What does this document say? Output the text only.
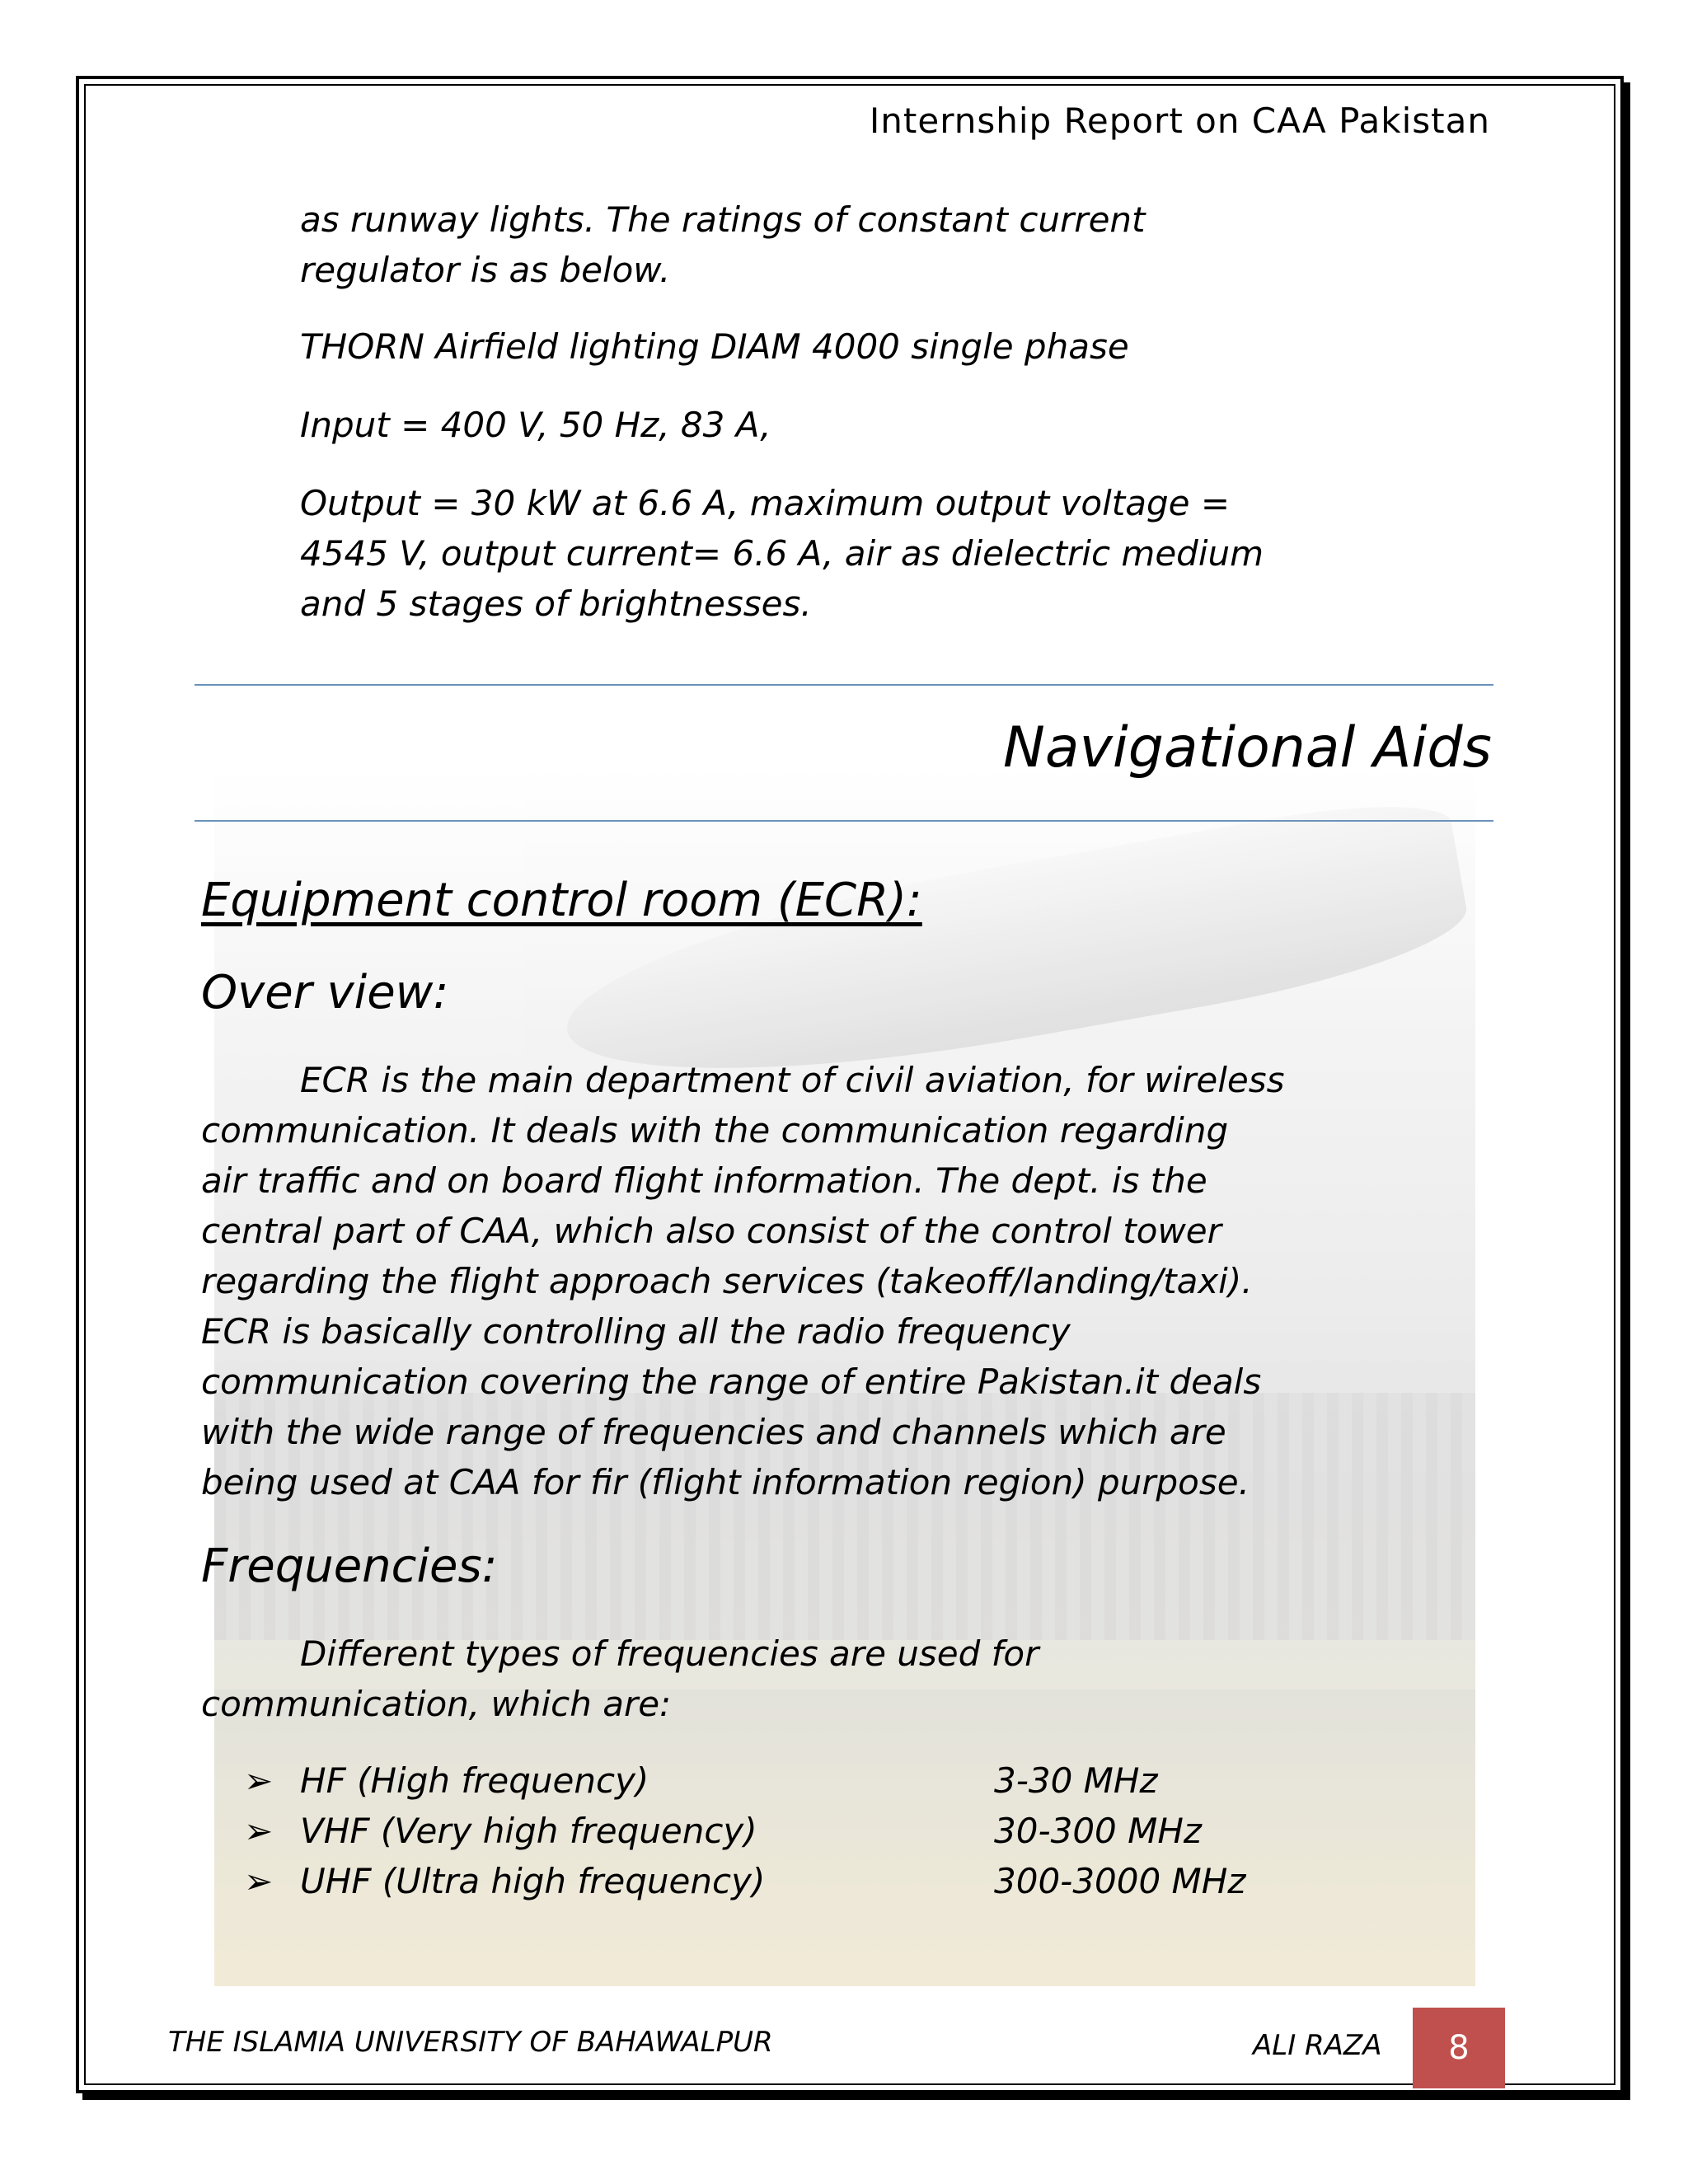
Internship Report on CAA Pakistan
as runway lights. The ratings of constant current
regulator is as below.
THORN Airfield lighting DIAM 4000 single phase
Input = 400 V, 50 Hz, 83 A,
Output = 30 kW at 6.6 A, maximum output voltage =
4545 V, output current= 6.6 A, air as dielectric medium
and 5 stages of brightnesses.
Navigational Aids
Equipment control room (ECR):
Over view:
ECR is the main department of civil aviation, for wireless
communication. It deals with the communication regarding
air traffic and on board flight information. The dept. is the
central part of CAA, which also consist of the control tower
regarding the flight approach services (takeoff/landing/taxi).
ECR is basically controlling all the radio frequency
communication covering the range of entire Pakistan.it deals
with the wide range of frequencies and channels which are
being used at CAA for fir (flight information region) purpose.
Frequencies:
Different types of frequencies are used for
communication, which are:
➢ HF (High frequency)	3-30 MHz
➢ VHF (Very high frequency)	30-300 MHz
➢ UHF (Ultra high frequency)	300-3000 MHz
THE ISLAMIA UNIVERSITY OF BAHAWALPUR	ALI RAZA	8
